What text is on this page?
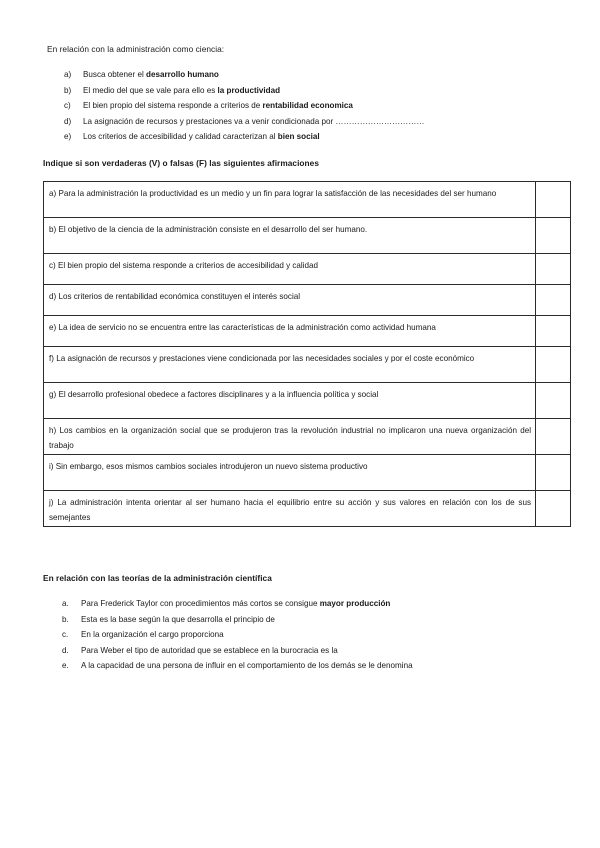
En relación con la administración como ciencia:

a) Busca obtener el desarrollo humano
b) El medio del que se vale para ello es la productividad
c) El bien propio del sistema responde a criterios de rentabilidad economica
d) La asignación de recursos y prestaciones va a venir condicionada por ……………………………
e) Los criterios de accesibilidad y calidad caracterizan al bien social

Indique si son verdaderas (V) o falsas (F) las siguientes afirmaciones

a) Para la administración la productividad es un medio y un fin para lograr la satisfacción de las necesidades del ser humano	
b) El objetivo de la ciencia de la administración consiste en el desarrollo del ser humano.	
c) El bien propio del sistema responde a criterios de accesibilidad y calidad	
d) Los criterios de rentabilidad económica constituyen el interés social	
e) La idea de servicio no se encuentra entre las características de la administración como actividad humana	
f) La asignación de recursos y prestaciones viene condicionada por las necesidades sociales y por el coste económico	
g) El desarrollo profesional obedece a factores disciplinares y a la influencia política y social	
h) Los cambios en la organización social que se produjeron tras la revolución industrial no implicaron una nueva organización del trabajo	
i) Sin embargo, esos mismos cambios sociales introdujeron un nuevo sistema productivo	
j) La administración intenta orientar al ser humano hacia el equilibrio entre su acción y sus valores en relación con los de sus semejantes	

En relación con las teorías de la administración científica

a. Para Frederick Taylor con procedimientos más cortos se consigue mayor producción
b. Esta es la base según la que desarrolla el principio de
c. En la organización el cargo proporciona
d. Para Weber el tipo de autoridad que se establece en la burocracia es la
e. A la capacidad de una persona de influir en el comportamiento de los demás se le denomina
